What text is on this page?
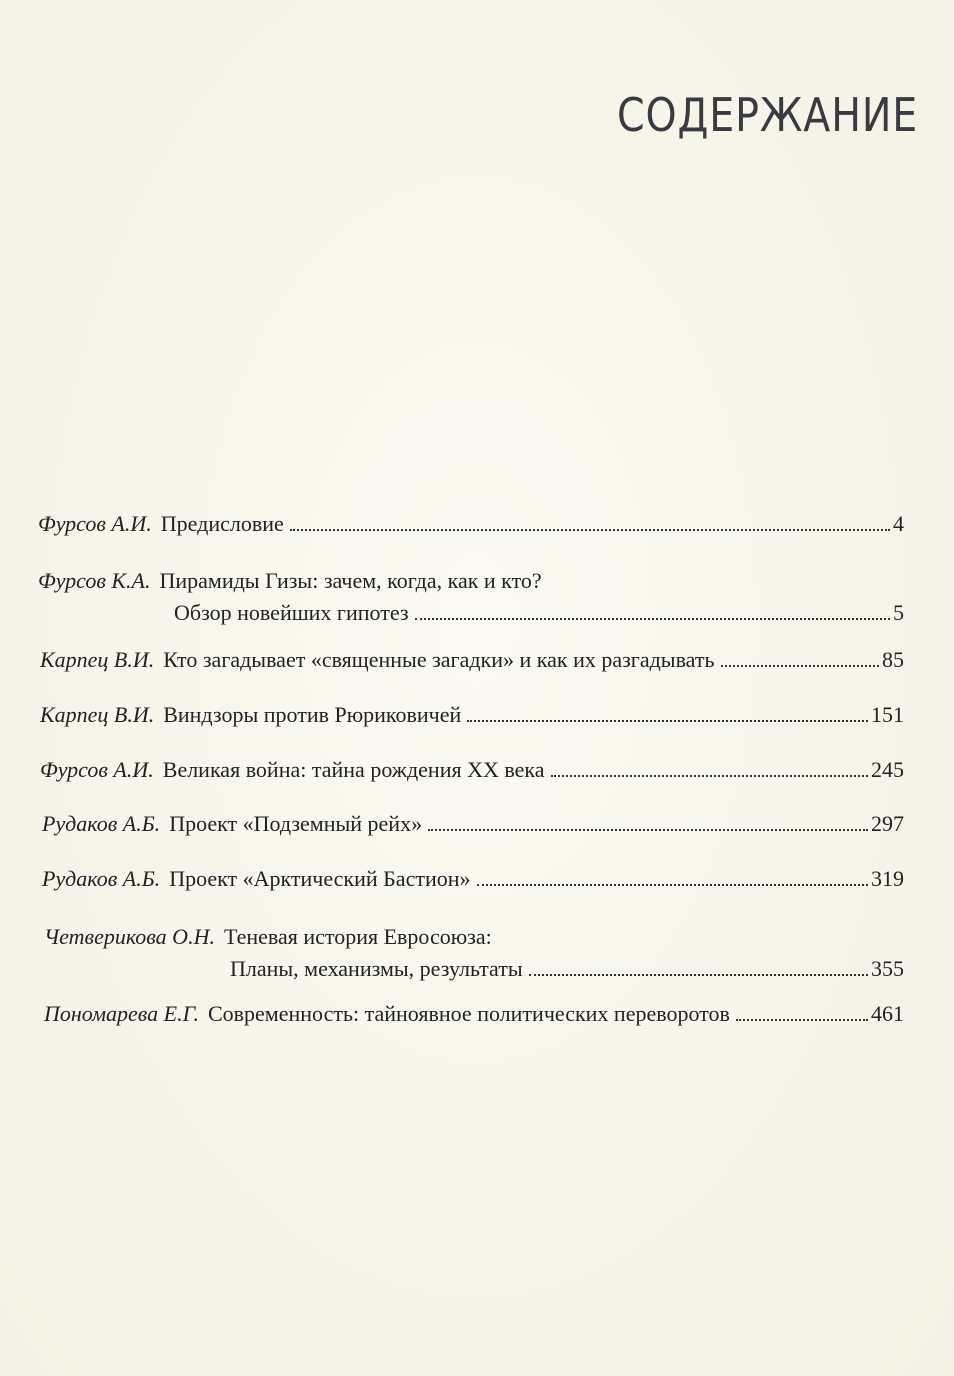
СОДЕРЖАНИЕ
Фурсов А.И. Предисловие	4
Фурсов К.А. Пирамиды Гизы: зачем, когда, как и кто?
Обзор новейших гипотез	5
Карпец В.И. Кто загадывает «священные загадки» и как их разгадывать	85
Карпец В.И. Виндзоры против Рюриковичей	151
Фурсов А.И. Великая война: тайна рождения XX века	245
Рудаков А.Б. Проект «Подземный рейх»	297
Рудаков А.Б. Проект «Арктический Бастион»	319
Четверикова О.Н. Теневая история Евросоюза:
Планы, механизмы, результаты	355
Пономарева Е.Г. Современность: тайноявное политических переворотов	461
